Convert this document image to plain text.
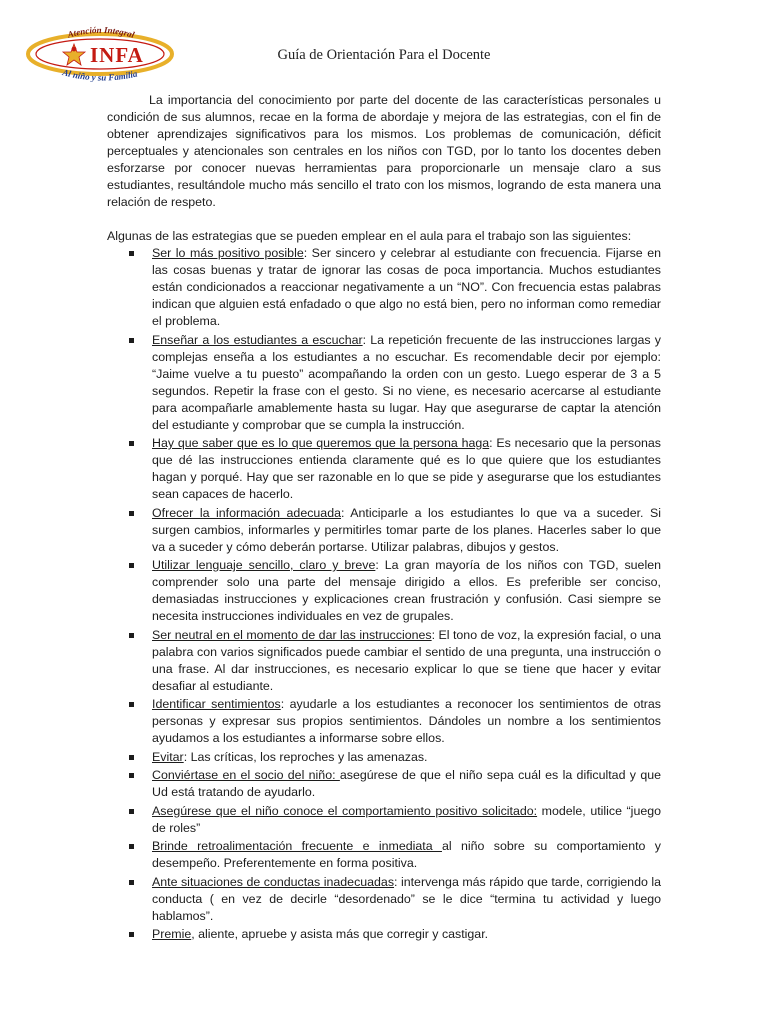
Atención Integral
INFA
Al niño y su Familia
Guía de Orientación Para el Docente

La importancia del conocimiento por parte del docente de las características personales u condición de sus alumnos, recae en la forma de abordaje y mejora de las estrategias, con el fin de obtener aprendizajes significativos para los mismos. Los problemas de comunicación, déficit perceptuales y atencionales son centrales en los niños con TGD, por lo tanto los docentes deben esforzarse por conocer nuevas herramientas para proporcionarle un mensaje claro a sus estudiantes, resultándole mucho más sencillo el trato con los mismos, logrando de esta manera una relación de respeto.

Algunas de las estrategias que se pueden emplear en el aula para el trabajo son las siguientes:

Ser lo más positivo posible: Ser sincero y celebrar al estudiante con frecuencia. Fijarse en las cosas buenas y tratar de ignorar las cosas de poca importancia. Muchos estudiantes están condicionados a reaccionar negativamente a un “NO”. Con frecuencia estas palabras indican que alguien está enfadado o que algo no está bien, pero no informan como remediar el problema.
Enseñar a los estudiantes a escuchar: La repetición frecuente de las instrucciones largas y complejas enseña a los estudiantes a no escuchar. Es recomendable decir por ejemplo: “Jaime vuelve a tu puesto” acompañando la orden con un gesto. Luego esperar de 3 a 5 segundos. Repetir la frase con el gesto. Si no viene, es necesario acercarse al estudiante para acompañarle amablemente hasta su lugar. Hay que asegurarse de captar la atención del estudiante y comprobar que se cumpla la instrucción.
Hay que saber que es lo que queremos que la persona haga: Es necesario que la personas que dé las instrucciones entienda claramente qué es lo que quiere que los estudiantes hagan y porqué. Hay que ser razonable en lo que se pide y asegurarse que los estudiantes sean capaces de hacerlo.
Ofrecer la información adecuada: Anticiparle a los estudiantes lo que va a suceder. Si surgen cambios, informarles y permitirles tomar parte de los planes. Hacerles saber lo que va a suceder y cómo deberán portarse. Utilizar palabras, dibujos y gestos.
Utilizar lenguaje sencillo, claro y breve: La gran mayoría de los niños con TGD, suelen comprender solo una parte del mensaje dirigido a ellos. Es preferible ser conciso, demasiadas instrucciones y explicaciones crean frustración y confusión. Casi siempre se necesita instrucciones individuales en vez de grupales.
Ser neutral en el momento de dar las instrucciones: El tono de voz, la expresión facial, o una palabra con varios significados puede cambiar el sentido de una pregunta, una instrucción o una frase. Al dar instrucciones, es necesario explicar lo que se tiene que hacer y evitar desafiar al estudiante.
Identificar sentimientos: ayudarle a los estudiantes a reconocer los sentimientos de otras personas y expresar sus propios sentimientos. Dándoles un nombre a los sentimientos ayudamos a los estudiantes a informarse sobre ellos.
Evitar: Las críticas, los reproches y las amenazas.
Conviértase en el socio del niño: asegúrese de que el niño sepa cuál es la dificultad y que Ud está tratando de ayudarlo.
Asegúrese que el niño conoce el comportamiento positivo solicitado: modele, utilice “juego de roles”
Brinde retroalimentación frecuente e inmediata al niño sobre su comportamiento y desempeño. Preferentemente en forma positiva.
Ante situaciones de conductas inadecuadas: intervenga más rápido que tarde, corrigiendo la conducta ( en vez de decirle “desordenado” se le dice “termina tu actividad y luego hablamos”.
Premie, aliente, apruebe y asista más que corregir y castigar.
